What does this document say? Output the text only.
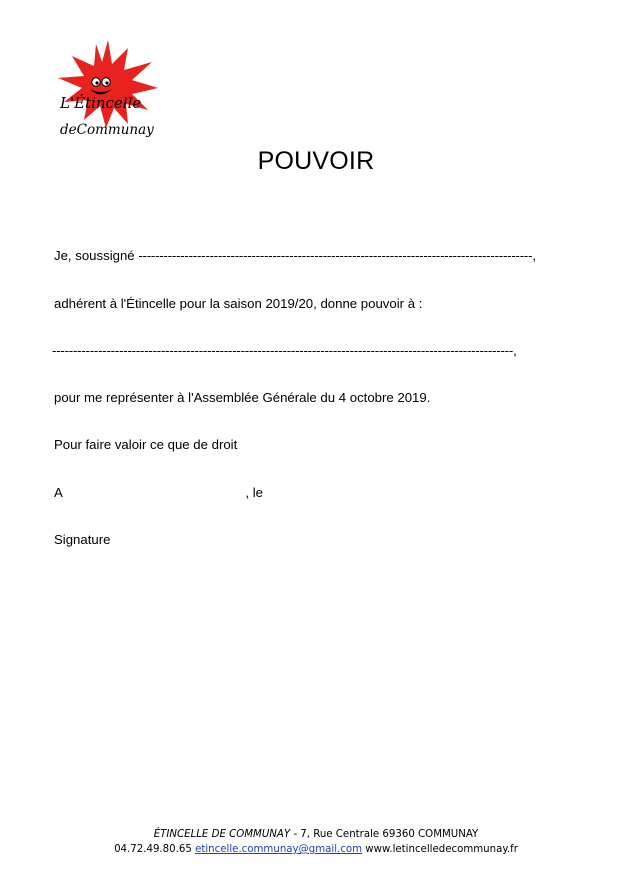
L'Étincelle
deCommunay
POUVOIR
Je, soussigné ----------------------------------------------------------------------------------------------,
adhérent à l'Étincelle pour la saison 2019/20, donne pouvoir à :
--------------------------------------------------------------------------------------------------------------,
pour me représenter à l'Assemblée Générale du 4 octobre 2019.
Pour faire valoir ce que de droit
A	, le
Signature
ÉTINCELLE DE COMMUNAY - 7, Rue Centrale 69360 COMMUNAY
04.72.49.80.65 etincelle.communay@gmail.com www.letincelledecommunay.fr
